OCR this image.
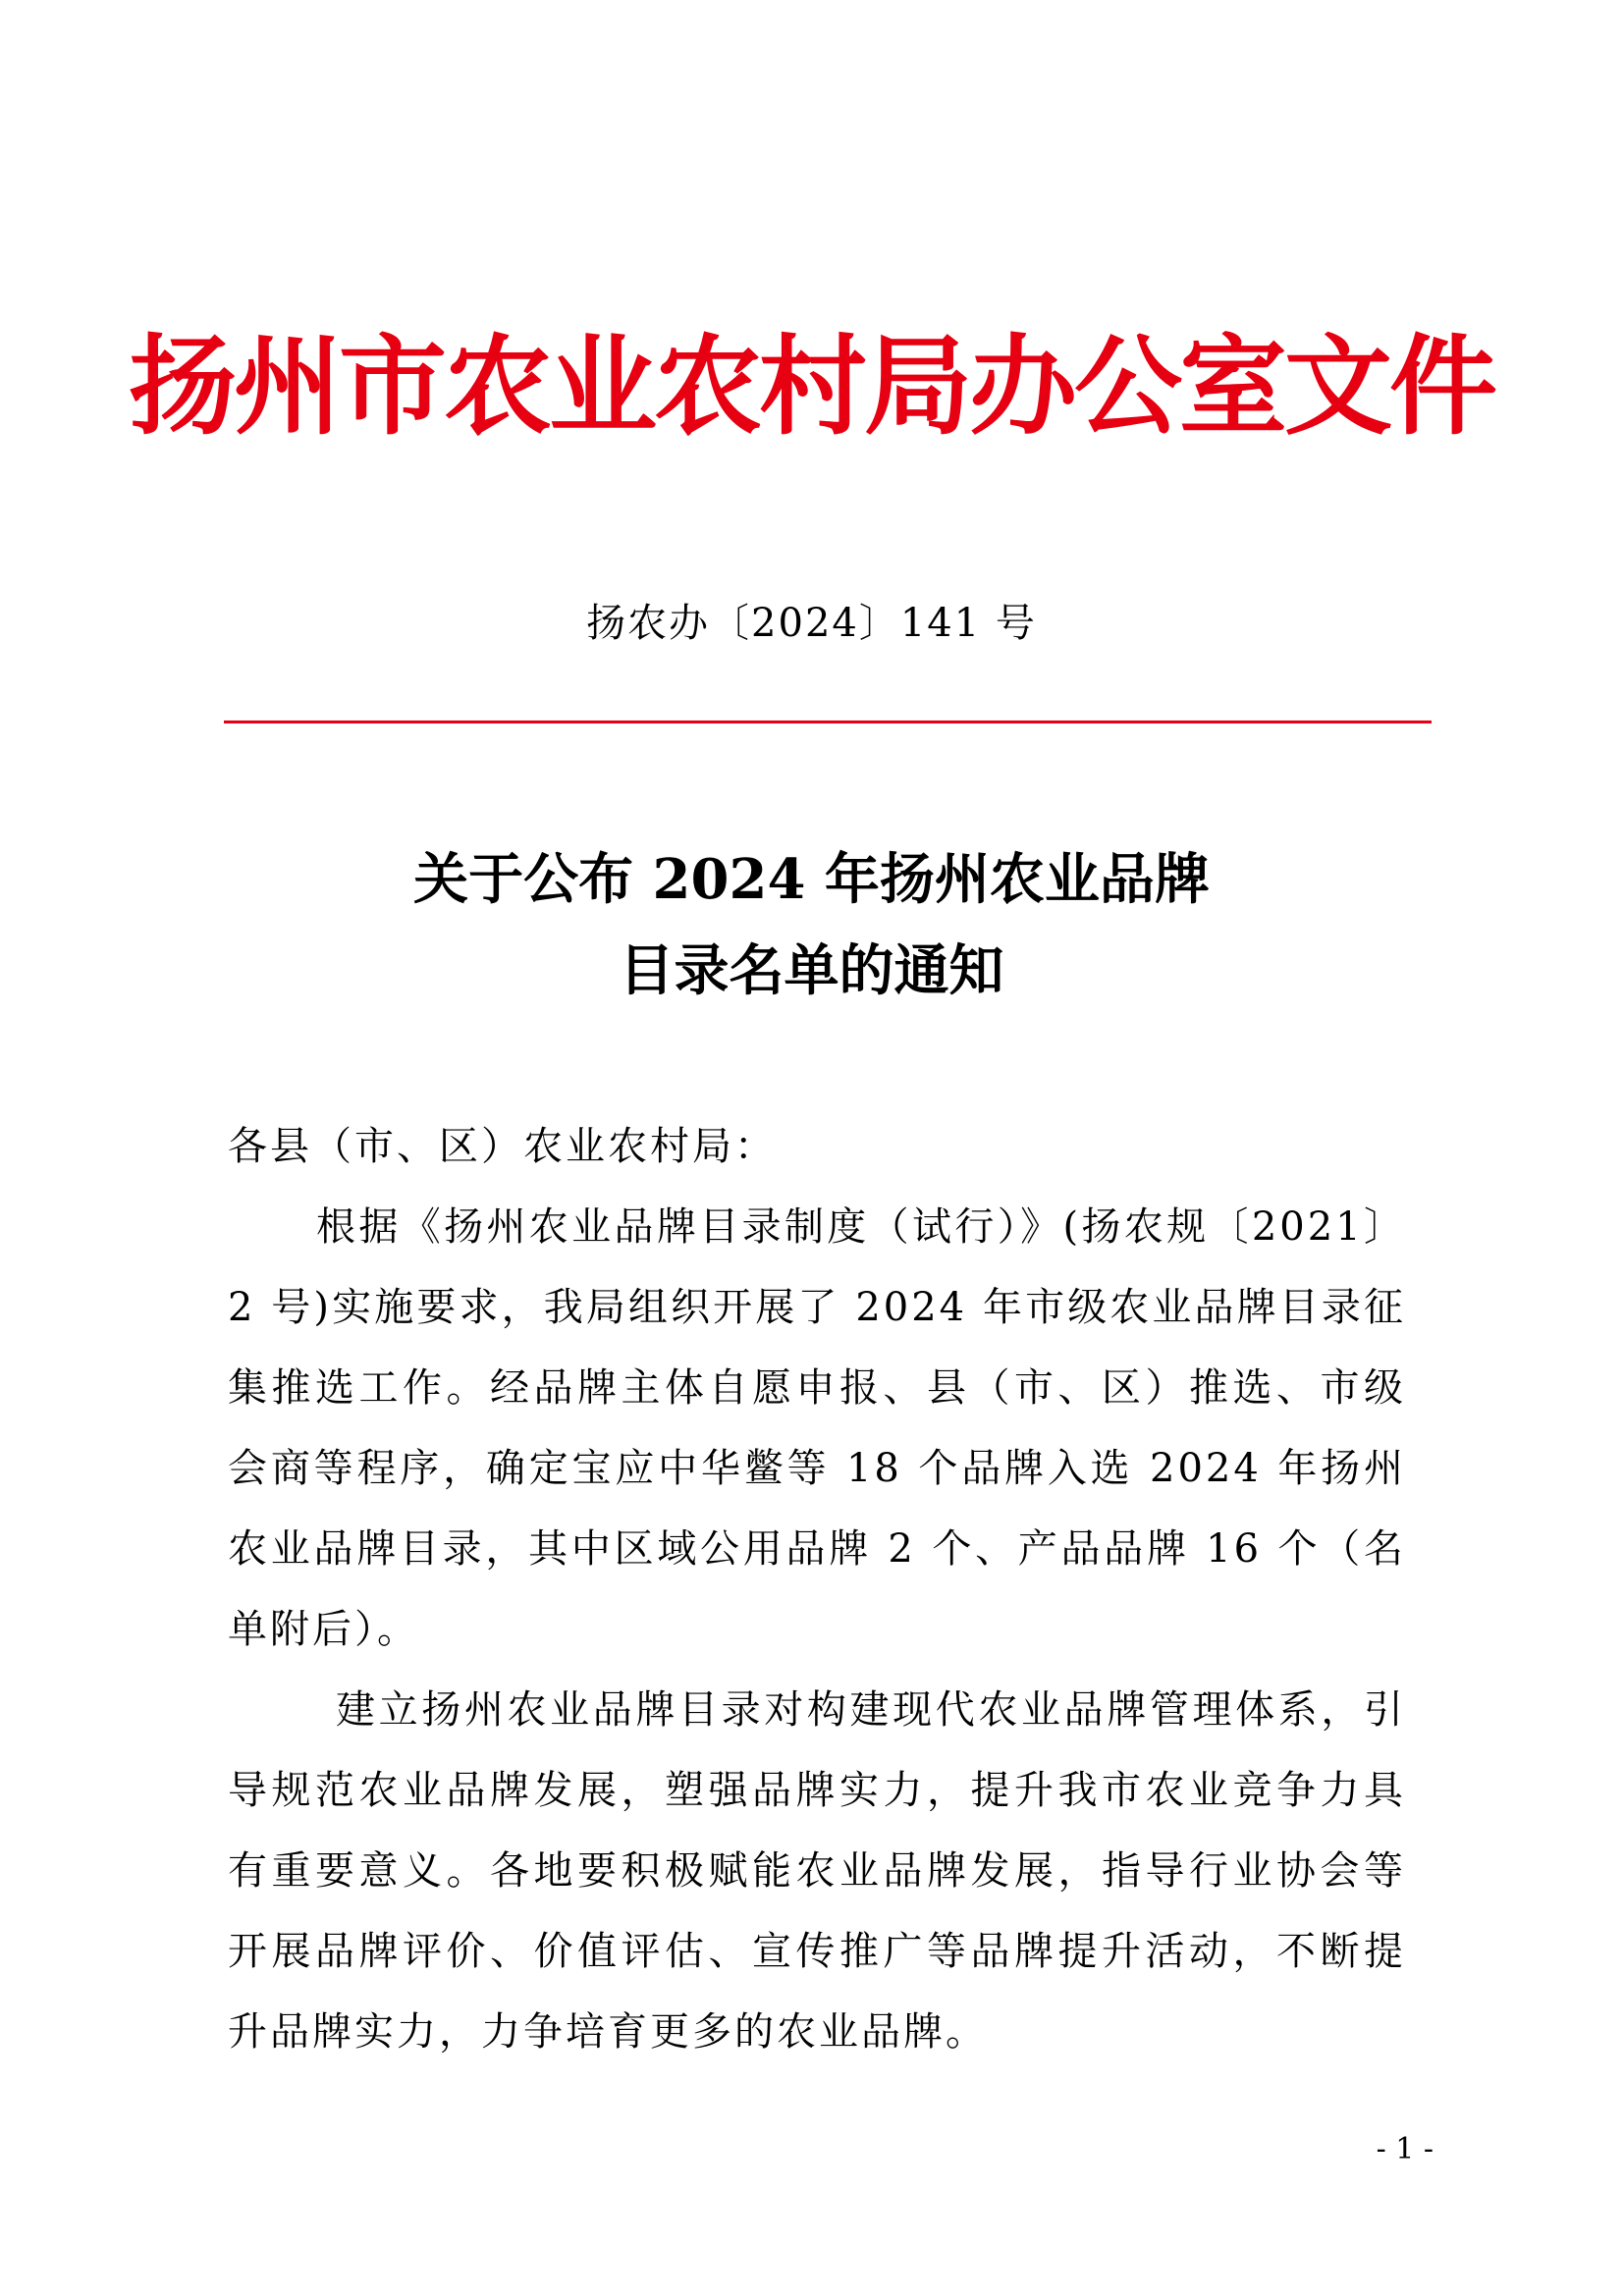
扬州市农业农村局办公室文件
扬农办〔2024〕141 号
关于公布 2024 年扬州农业品牌
目录名单的通知

各县（市、区）农业农村局：

根据《扬州农业品牌目录制度（试行）》(扬农规〔2021〕2 号)实施要求，我局组织开展了 2024 年市级农业品牌目录征集推选工作。经品牌主体自愿申报、县（市、区）推选、市级会商等程序，确定宝应中华鳖等 18 个品牌入选 2024 年扬州农业品牌目录，其中区域公用品牌 2 个、产品品牌 16 个（名单附后）。

建立扬州农业品牌目录对构建现代农业品牌管理体系，引导规范农业品牌发展，塑强品牌实力，提升我市农业竞争力具有重要意义。各地要积极赋能农业品牌发展，指导行业协会等开展品牌评价、价值评估、宣传推广等品牌提升活动，不断提升品牌实力，力争培育更多的农业品牌。

- 1 -
